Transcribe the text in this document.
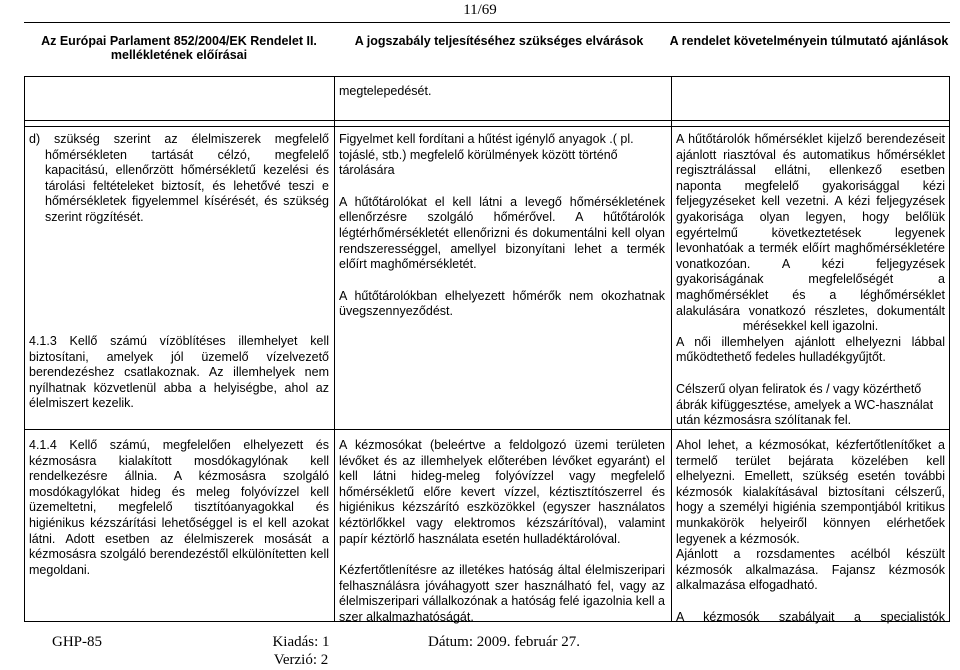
11/69
Az Európai Parlament 852/2004/EK Rendelet II. mellékletének előírásai
A jogszabály teljesítéséhez szükséges elvárások	A rendelet követelményein túlmutató ajánlások
megtelepedését.

d) szükség szerint az élelmiszerek megfelelő hőmérsékleten tartását célzó, megfelelő kapacitású, ellenőrzött hőmérsékletű kezelési és tárolási feltételeket biztosít, és lehetővé teszi e hőmérsékletek figyelemmel kísérését, és szükség szerint rögzítését.

4.1.3 Kellő számú vízöblítéses illemhelyet kell biztosítani, amelyek jól üzemelő vízelvezető berendezéshez csatlakoznak. Az illemhelyek nem nyílhatnak közvetlenül abba a helyiségbe, ahol az élelmiszert kezelik.

Figyelmet kell fordítani a hűtést igénylő anyagok .( pl. tojáslé, stb.) megfelelő körülmények között történő tárolására

A hűtőtárolókat el kell látni a levegő hőmérsékletének ellenőrzésre szolgáló hőmérővel. A hűtőtárolók légtérhőmérsékletét ellenőrizni és dokumentálni kell olyan rendszerességgel, amellyel bizonyítani lehet a termék előírt maghőmérsékletét.

A hűtőtárolókban elhelyezett hőmérők nem okozhatnak üvegszennyeződést.

A hűtőtárolók hőmérséklet kijelző berendezéseit ajánlott riasztóval és automatikus hőmérséklet regisztrálással ellátni, ellenkező esetben naponta megfelelő gyakorisággal kézi feljegyzéseket kell vezetni. A kézi feljegyzések gyakorisága olyan legyen, hogy belőlük egyértelmű következtetések legyenek levonhatóak a termék előírt maghőmérsékletére vonatkozóan. A kézi feljegyzések gyakoriságának megfelelőségét a maghőmérséklet és a léghőmérséklet alakulására vonatkozó részletes, dokumentált mérésekkel kell igazolni.

A női illemhelyen ajánlott elhelyezni lábbal működtethető fedeles hulladékgyűjtőt.

Célszerű olyan feliratok és / vagy közérthető ábrák kifüggesztése, amelyek a WC-használat után kézmosásra szólítanak fel.

4.1.4 Kellő számú, megfelelően elhelyezett és kézmosásra kialakított mosdókagylónak kell rendelkezésre állnia. A kézmosásra szolgáló mosdókagylókat hideg és meleg folyóvízzel kell üzemeltetni, megfelelő tisztítóanyagokkal és higiénikus kézszárítási lehetőséggel is el kell azokat látni. Adott esetben az élelmiszerek mosását a kézmosásra szolgáló berendezéstől elkülönítetten kell megoldani.

A kézmosókat (beleértve a feldolgozó üzemi területen lévőket és az illemhelyek előterében lévőket egyaránt) el kell látni hideg-meleg folyóvízzel vagy megfelelő hőmérsékletű előre kevert vízzel, kéztisztítószerrel és higiénikus kézszárító eszközökkel (egyszer használatos kéztörlőkkel vagy elektromos kézszárítóval), valamint papír kéztörlő használata esetén hulladéktárolóval.

Kézfertőtlenítésre az illetékes hatóság által élelmiszeripari felhasználásra jóváhagyott szer használható fel, vagy az élelmiszeripari vállalkozónak a hatóság felé igazolnia kell a szer alkalmazhatóságát.

Ahol lehet, a kézmosókat, kézfertőtlenítőket a termelő terület bejárata közelében kell elhelyezni. Emellett, szükség esetén további kézmosók kialakításával biztosítani célszerű, hogy a személyi higiénia szempontjából kritikus munkakörök helyeiről könnyen elérhetőek legyenek a kézmosók.

Ajánlott a rozsdamentes acélból készült kézmosók alkalmazása. Fajansz kézmosók alkalmazása elfogadható.

A kézmosók szabályait a specialistók

GHP-85	Kiadás: 1
Verzió: 2
Dátum: 2009. február 27.
